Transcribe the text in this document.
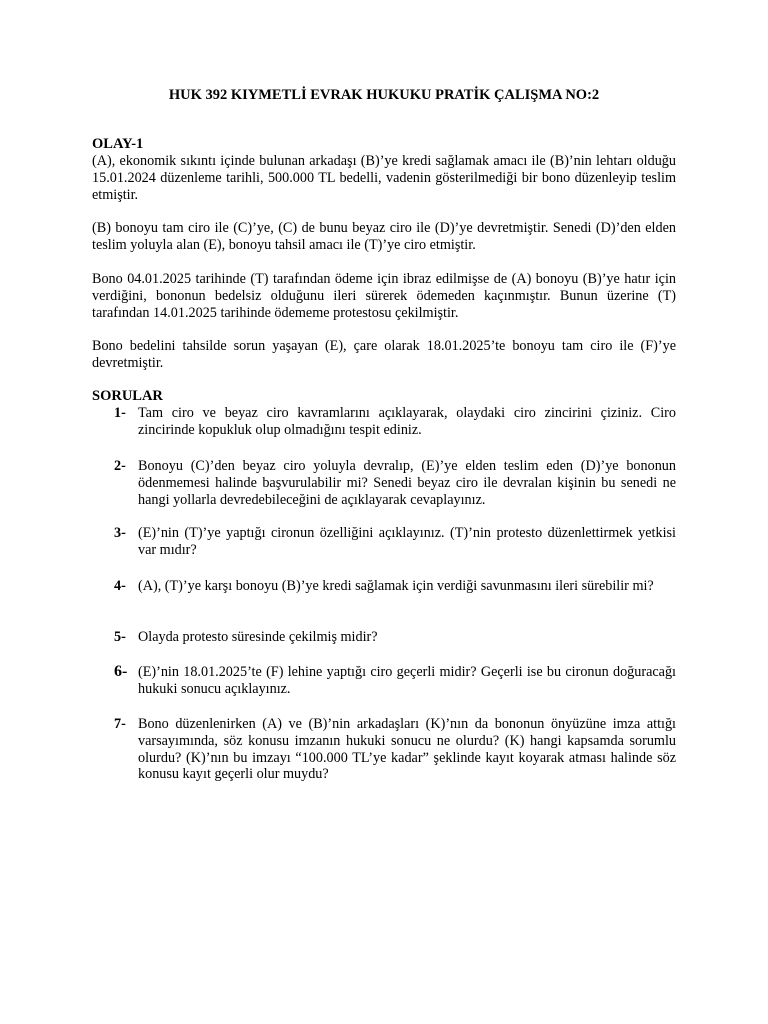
HUK 392 KIYMETLİ EVRAK HUKUKU PRATİK ÇALIŞMA NO:2
OLAY-1

(A), ekonomik sıkıntı içinde bulunan arkadaşı (B)’ye kredi sağlamak amacı ile (B)’nin lehtarı olduğu 15.01.2024 düzenleme tarihli, 500.000 TL bedelli, vadenin gösterilmediği bir bono düzenleyip teslim etmiştir.

(B) bonoyu tam ciro ile (C)’ye, (C) de bunu beyaz ciro ile (D)’ye devretmiştir. Senedi (D)’den elden teslim yoluyla alan (E), bonoyu tahsil amacı ile (T)’ye ciro etmiştir.

Bono 04.01.2025 tarihinde (T) tarafından ödeme için ibraz edilmişse de (A) bonoyu (B)’ye hatır için verdiğini, bononun bedelsiz olduğunu ileri sürerek ödemeden kaçınmıştır. Bunun üzerine (T) tarafından 14.01.2025 tarihinde ödememe protestosu çekilmiştir.

Bono bedelini tahsilde sorun yaşayan (E), çare olarak 18.01.2025’te bonoyu tam ciro ile (F)’ye devretmiştir.

SORULAR
1- Tam ciro ve beyaz ciro kavramlarını açıklayarak, olaydaki ciro zincirini çiziniz. Ciro zincirinde kopukluk olup olmadığını tespit ediniz.
2- Bonoyu (C)’den beyaz ciro yoluyla devralıp, (E)’ye elden teslim eden (D)’ye bononun ödenmemesi halinde başvurulabilir mi? Senedi beyaz ciro ile devralan kişinin bu senedi ne hangi yollarla devredebileceğini de açıklayarak cevaplayınız.
3- (E)’nin (T)’ye yaptığı cironun özelliğini açıklayınız. (T)’nin protesto düzenlettirmek yetkisi var mıdır?
4- (A), (T)’ye karşı bonoyu (B)’ye kredi sağlamak için verdiği savunmasını ileri sürebilir mi?
5- Olayda protesto süresinde çekilmiş midir?
6- (E)’nin 18.01.2025’te (F) lehine yaptığı ciro geçerli midir? Geçerli ise bu cironun doğuracağı hukuki sonucu açıklayınız.
7- Bono düzenlenirken (A) ve (B)’nin arkadaşları (K)’nın da bononun önyüzüne imza attığı varsayımında, söz konusu imzanın hukuki sonucu ne olurdu? (K) hangi kapsamda sorumlu olurdu? (K)’nın bu imzayı “100.000 TL’ye kadar” şeklinde kayıt koyarak atması halinde söz konusu kayıt geçerli olur muydu?
